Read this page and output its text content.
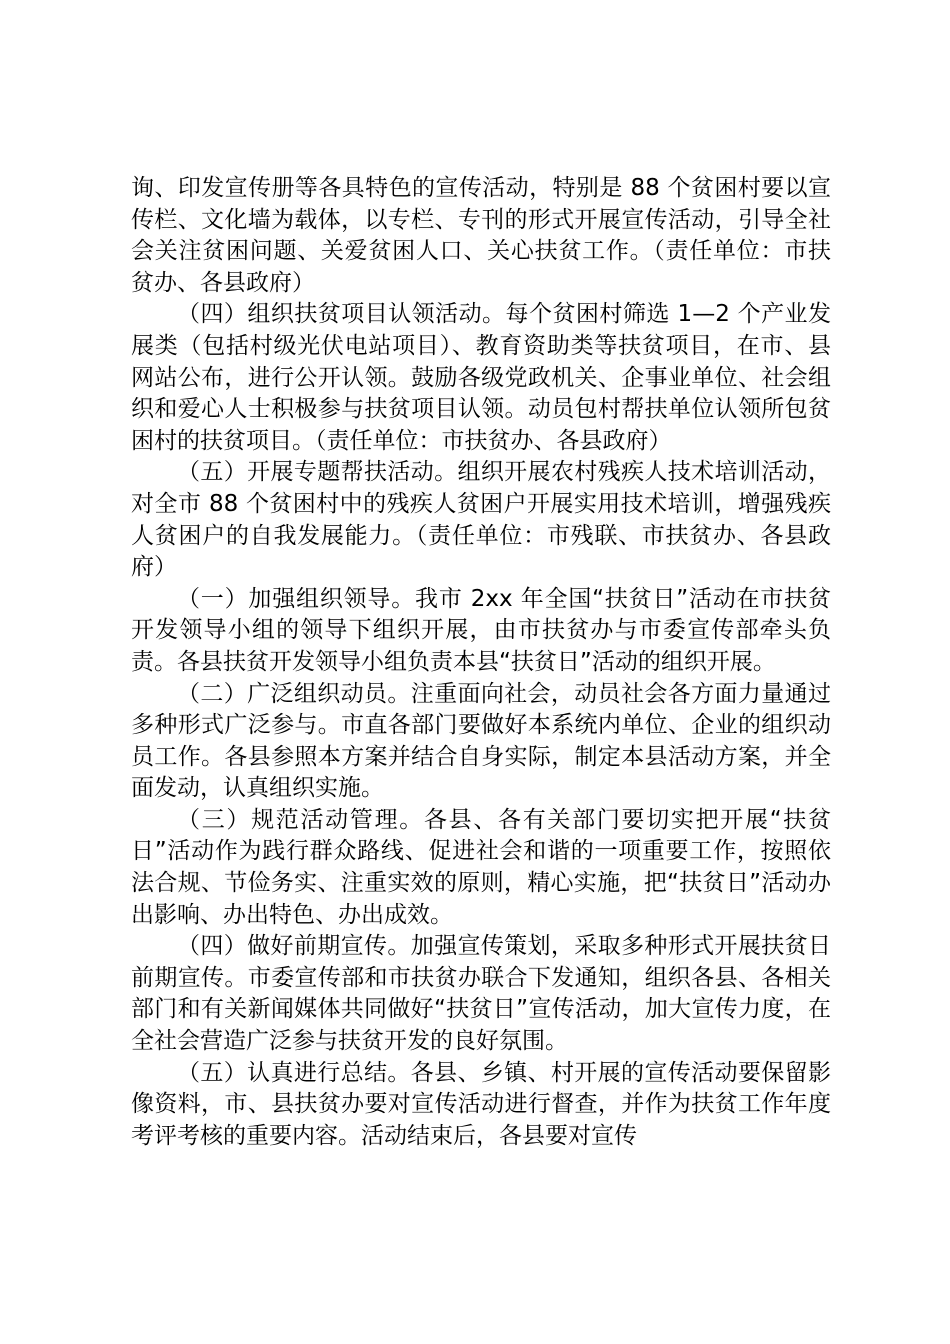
询、印发宣传册等各具特色的宣传活动，特别是 88 个贫困村要以宣传栏、文化墙为载体，以专栏、专刊的形式开展宣传活动，引导全社会关注贫困问题、关爱贫困人口、关心扶贫工作。（责任单位：市扶贫办、各县政府）

（四）组织扶贫项目认领活动。每个贫困村筛选 1—2 个产业发展类（包括村级光伏电站项目）、教育资助类等扶贫项目，在市、县网站公布，进行公开认领。鼓励各级党政机关、企事业单位、社会组织和爱心人士积极参与扶贫项目认领。动员包村帮扶单位认领所包贫困村的扶贫项目。（责任单位：市扶贫办、各县政府）

（五）开展专题帮扶活动。组织开展农村残疾人技术培训活动，对全市 88 个贫困村中的残疾人贫困户开展实用技术培训，增强残疾人贫困户的自我发展能力。（责任单位：市残联、市扶贫办、各县政府）

（一）加强组织领导。我市 2xx 年全国“扶贫日”活动在市扶贫开发领导小组的领导下组织开展，由市扶贫办与市委宣传部牵头负责。各县扶贫开发领导小组负责本县“扶贫日”活动的组织开展。

（二）广泛组织动员。注重面向社会，动员社会各方面力量通过多种形式广泛参与。市直各部门要做好本系统内单位、企业的组织动员工作。各县参照本方案并结合自身实际，制定本县活动方案，并全面发动，认真组织实施。

（三）规范活动管理。各县、各有关部门要切实把开展“扶贫日”活动作为践行群众路线、促进社会和谐的一项重要工作，按照依法合规、节俭务实、注重实效的原则，精心实施，把“扶贫日”活动办出影响、办出特色、办出成效。

（四）做好前期宣传。加强宣传策划，采取多种形式开展扶贫日前期宣传。市委宣传部和市扶贫办联合下发通知，组织各县、各相关部门和有关新闻媒体共同做好“扶贫日”宣传活动，加大宣传力度，在全社会营造广泛参与扶贫开发的良好氛围。

（五）认真进行总结。各县、乡镇、村开展的宣传活动要保留影像资料，市、县扶贫办要对宣传活动进行督查，并作为扶贫工作年度考评考核的重要内容。活动结束后，各县要对宣传
